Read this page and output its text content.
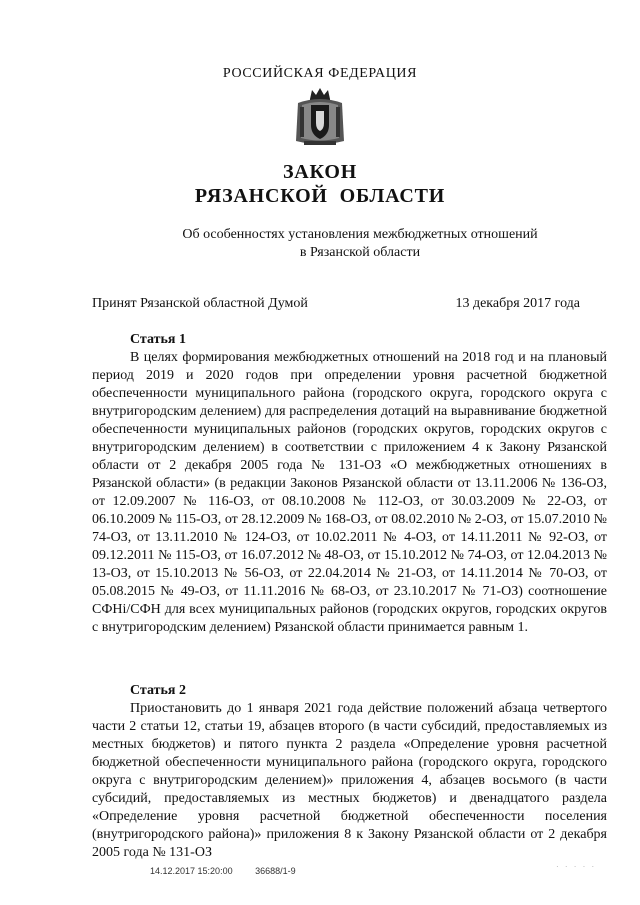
РОССИЙСКАЯ ФЕДЕРАЦИЯ
ЗАКОН
РЯЗАНСКОЙ ОБЛАСТИ
Об особенностях установления межбюджетных отношений
в Рязанской области
Принят Рязанской областной Думой	13 декабря 2017 года
Статья 1

В целях формирования межбюджетных отношений на 2018 год и на плановый период 2019 и 2020 годов при определении уровня расчетной бюджетной обеспеченности муниципального района (городского округа, городского округа с внутригородским делением) для распределения дотаций на выравнивание бюджетной обеспеченности муниципальных районов (городских округов, городских округов с внутригородским делением) в соответствии с приложением 4 к Закону Рязанской области от 2 декабря 2005 года № 131-ОЗ «О межбюджетных отношениях в Рязанской области» (в редакции Законов Рязанской области от 13.11.2006 № 136-ОЗ, от 12.09.2007 № 116-ОЗ, от 08.10.2008 № 112-ОЗ, от 30.03.2009 № 22-ОЗ, от 06.10.2009 № 115-ОЗ, от 28.12.2009 № 168-ОЗ, от 08.02.2010 № 2-ОЗ, от 15.07.2010 № 74-ОЗ, от 13.11.2010 № 124-ОЗ, от 10.02.2011 № 4-ОЗ, от 14.11.2011 № 92-ОЗ, от 09.12.2011 № 115-ОЗ, от 16.07.2012 № 48-ОЗ, от 15.10.2012 № 74-ОЗ, от 12.04.2013 № 13-ОЗ, от 15.10.2013 № 56-ОЗ, от 22.04.2014 № 21-ОЗ, от 14.11.2014 № 70-ОЗ, от 05.08.2015 № 49-ОЗ, от 11.11.2016 № 68-ОЗ, от 23.10.2017 № 71-ОЗ) соотношение СФНi/СФН для всех муниципальных районов (городских округов, городских округов с внутригородским делением) Рязанской области принимается равным 1.

Статья 2

Приостановить до 1 января 2021 года действие положений абзаца четвертого части 2 статьи 12, статьи 19, абзацев второго (в части субсидий, предоставляемых из местных бюджетов) и пятого пункта 2 раздела «Определение уровня расчетной бюджетной обеспеченности муниципального района (городского округа, городского округа с внутригородским делением)» приложения 4, абзацев восьмого (в части субсидий, предоставляемых из местных бюджетов) и двенадцатого раздела «Определение уровня расчетной бюджетной обеспеченности поселения (внутригородского района)» приложения 8 к Закону Рязанской области от 2 декабря 2005 года № 131-ОЗ

14.12.2017 15:20:00	36688/1-9	· · · · ·
